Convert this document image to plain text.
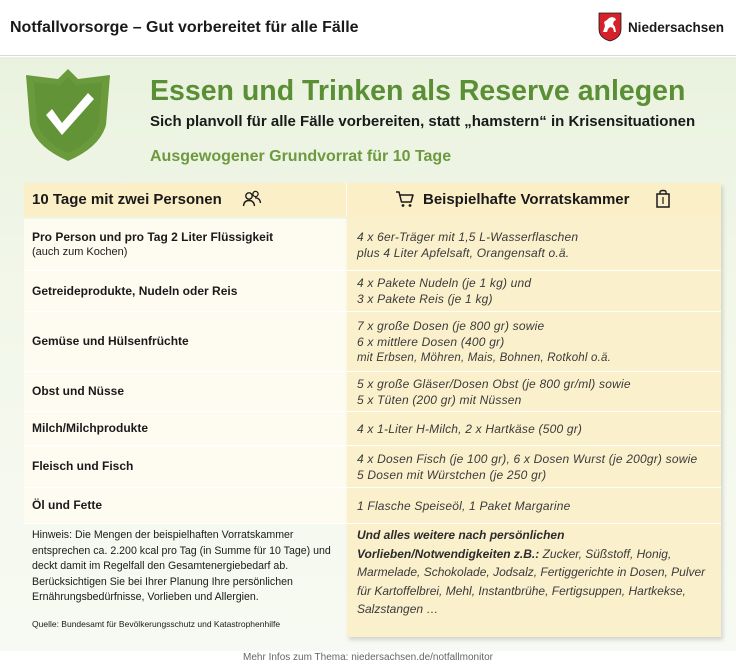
Notfallvorsorge – Gut vorbereitet für alle Fälle	Niedersachsen
Essen und Trinken als Reserve anlegen
Sich planvoll für alle Fälle vorbereiten, statt „hamstern“ in Krisensituationen
Ausgewogener Grundvorrat für 10 Tage
10 Tage mit zwei Personen
Pro Person und pro Tag 2 Liter Flüssigkeit
(auch zum Kochen)
Getreideprodukte, Nudeln oder Reis
Gemüse und Hülsenfrüchte
Obst und Nüsse
Milch/Milchprodukte
Fleisch und Fisch
Öl und Fette
Hinweis: Die Mengen der beispielhaften Vorratskammer entsprechen ca. 2.200 kcal pro Tag (in Summe für 10 Tage) und deckt damit im Regelfall den Gesamtenergiebedarf ab. Berücksichtigen Sie bei Ihrer Planung Ihre persönlichen Ernährungsbedürfnisse, Vorlieben und Allergien.
Quelle: Bundesamt für Bevölkerungsschutz und Katastrophenhilfe
Beispielhafte Vorratskammer
4 x 6er-Träger mit 1,5 L-Wasserflaschen
plus 4 Liter Apfelsaft, Orangensaft o.ä.
4 x Pakete Nudeln (je 1 kg) und
3 x Pakete Reis (je 1 kg)
7 x große Dosen (je 800 gr) sowie
6 x mittlere Dosen (400 gr)
mit Erbsen, Möhren, Mais, Bohnen, Rotkohl o.ä.
5 x große Gläser/Dosen Obst (je 800 gr/ml) sowie
5 x Tüten (200 gr) mit Nüssen
4 x 1-Liter H-Milch, 2 x Hartkäse (500 gr)
4 x Dosen Fisch (je 100 gr), 6 x Dosen Wurst (je 200gr) sowie
5 Dosen mit Würstchen (je 250 gr)
1 Flasche Speiseöl, 1 Paket Margarine
Und alles weitere nach persönlichen Vorlieben/Notwendigkeiten z.B.: Zucker, Süßstoff, Honig, Marmelade, Schokolade, Jodsalz, Fertiggerichte in Dosen, Pulver für Kartoffelbrei, Mehl, Instantbrühe, Fertigsuppen, Hartkekse, Salzstangen …
Mehr Infos zum Thema: niedersachsen.de/notfallmonitor
